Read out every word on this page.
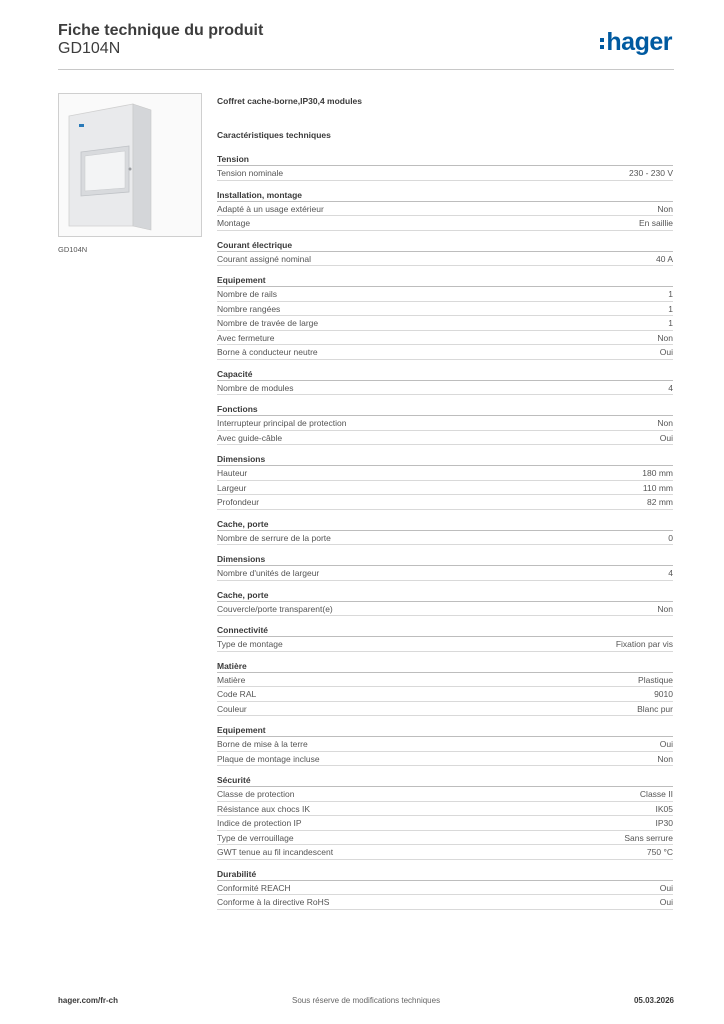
Fiche technique du produit
GD104N	hager
GD104N
Coffret cache-borne,IP30,4 modules
Caractéristiques techniques
Tension
Tension nominale	230 - 230 V
Installation, montage
Adapté à un usage extérieur	Non
Montage	En saillie
Courant électrique
Courant assigné nominal	40 A
Equipement
Nombre de rails	1
Nombre rangées	1
Nombre de travée de large	1
Avec fermeture	Non
Borne à conducteur neutre	Oui
Capacité
Nombre de modules	4
Fonctions
Interrupteur principal de protection	Non
Avec guide-câble	Oui
Dimensions
Hauteur	180 mm
Largeur	110 mm
Profondeur	82 mm
Cache, porte
Nombre de serrure de la porte	0
Dimensions
Nombre d'unités de largeur	4
Cache, porte
Couvercle/porte transparent(e)	Non
Connectivité
Type de montage	Fixation par vis
Matière
Matière	Plastique
Code RAL	9010
Couleur	Blanc pur
Equipement
Borne de mise à la terre	Oui
Plaque de montage incluse	Non
Sécurité
Classe de protection	Classe II
Résistance aux chocs IK	IK05
Indice de protection IP	IP30
Type de verrouillage	Sans serrure
GWT tenue au fil incandescent	750 °C
Durabilité
Conformité REACH	Oui
Conforme à la directive RoHS	Oui
hager.com/fr-ch	Sous réserve de modifications techniques	05.03.2026
